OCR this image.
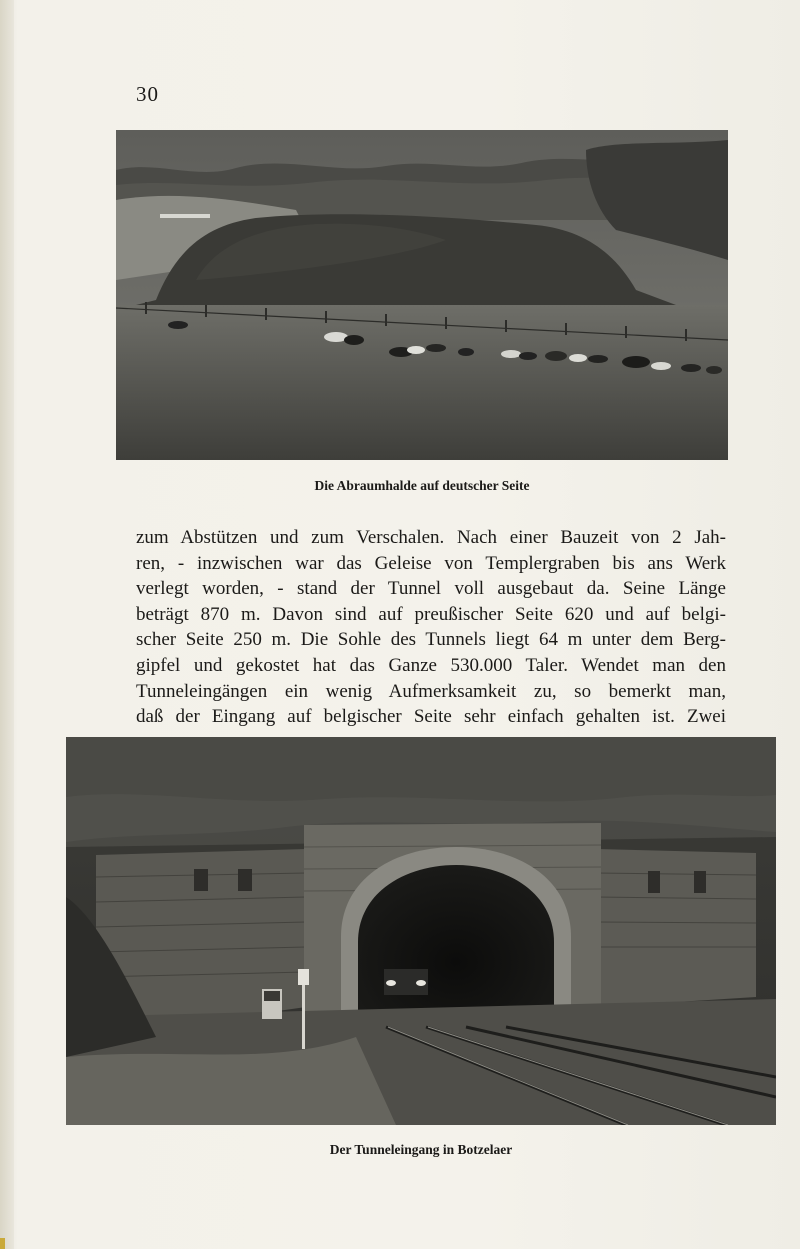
30
Die Abraumhalde auf deutscher Seite
zum Abstützen und zum Verschalen. Nach einer Bauzeit von 2 Jah-
ren, - inzwischen war das Geleise von Templergraben bis ans Werk
verlegt worden, - stand der Tunnel voll ausgebaut da. Seine Länge
beträgt 870 m. Davon sind auf preußischer Seite 620 und auf belgi-
scher Seite 250 m. Die Sohle des Tunnels liegt 64 m unter dem Berg-
gipfel und gekostet hat das Ganze 530.000 Taler. Wendet man den
Tunneleingängen ein wenig Aufmerksamkeit zu, so bemerkt man,
daß der Eingang auf belgischer Seite sehr einfach gehalten ist. Zwei
Der Tunneleingang in Botzelaer
